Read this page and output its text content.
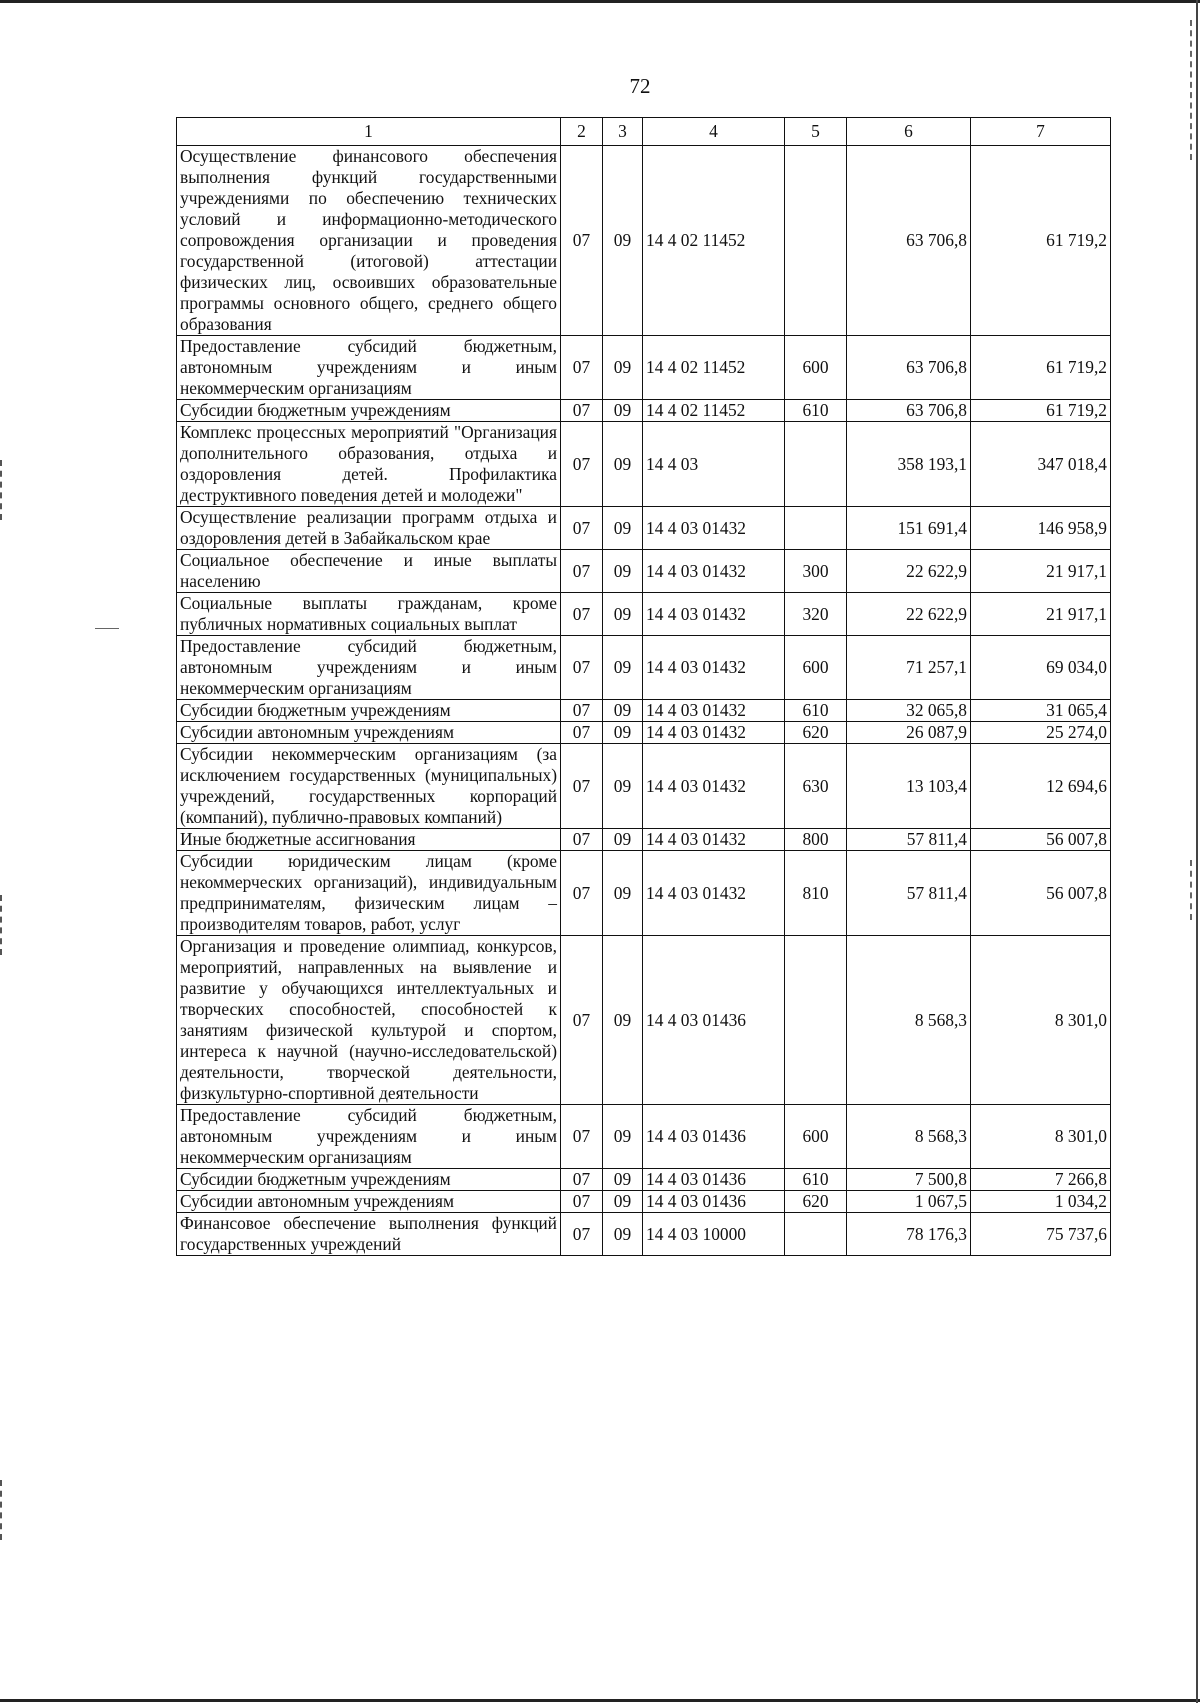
72
1	2	3	4	5	6	7
Осуществление финансового обеспечения выполнения функций государственными учреждениями по обеспечению технических условий и информационно-методического сопровождения организации и проведения государственной (итоговой) аттестации физических лиц, освоивших образовательные программы основного общего, среднего общего образования	07	09	14 4 02 11452		63 706,8	61 719,2
Предоставление субсидий бюджетным, автономным учреждениям и иным некоммерческим организациям	07	09	14 4 02 11452	600	63 706,8	61 719,2
Субсидии бюджетным учреждениям	07	09	14 4 02 11452	610	63 706,8	61 719,2
Комплекс процессных мероприятий "Организация дополнительного образования, отдыха и оздоровления детей. Профилактика деструктивного поведения детей и молодежи"	07	09	14 4 03		358 193,1	347 018,4
Осуществление реализации программ отдыха и оздоровления детей в Забайкальском крае	07	09	14 4 03 01432		151 691,4	146 958,9
Социальное обеспечение и иные выплаты населению	07	09	14 4 03 01432	300	22 622,9	21 917,1
Социальные выплаты гражданам, кроме публичных нормативных социальных выплат	07	09	14 4 03 01432	320	22 622,9	21 917,1
Предоставление субсидий бюджетным, автономным учреждениям и иным некоммерческим организациям	07	09	14 4 03 01432	600	71 257,1	69 034,0
Субсидии бюджетным учреждениям	07	09	14 4 03 01432	610	32 065,8	31 065,4
Субсидии автономным учреждениям	07	09	14 4 03 01432	620	26 087,9	25 274,0
Субсидии некоммерческим организациям (за исключением государственных (муниципальных) учреждений, государственных корпораций (компаний), публично-правовых компаний)	07	09	14 4 03 01432	630	13 103,4	12 694,6
Иные бюджетные ассигнования	07	09	14 4 03 01432	800	57 811,4	56 007,8
Субсидии юридическим лицам (кроме некоммерческих организаций), индивидуальным предпринимателям, физическим лицам – производителям товаров, работ, услуг	07	09	14 4 03 01432	810	57 811,4	56 007,8
Организация и проведение олимпиад, конкурсов, мероприятий, направленных на выявление и развитие у обучающихся интеллектуальных и творческих способностей, способностей к занятиям физической культурой и спортом, интереса к научной (научно-исследовательской) деятельности, творческой деятельности, физкультурно-спортивной деятельности	07	09	14 4 03 01436		8 568,3	8 301,0
Предоставление субсидий бюджетным, автономным учреждениям и иным некоммерческим организациям	07	09	14 4 03 01436	600	8 568,3	8 301,0
Субсидии бюджетным учреждениям	07	09	14 4 03 01436	610	7 500,8	7 266,8
Субсидии автономным учреждениям	07	09	14 4 03 01436	620	1 067,5	1 034,2
Финансовое обеспечение выполнения функций государственных учреждений	07	09	14 4 03 10000		78 176,3	75 737,6
